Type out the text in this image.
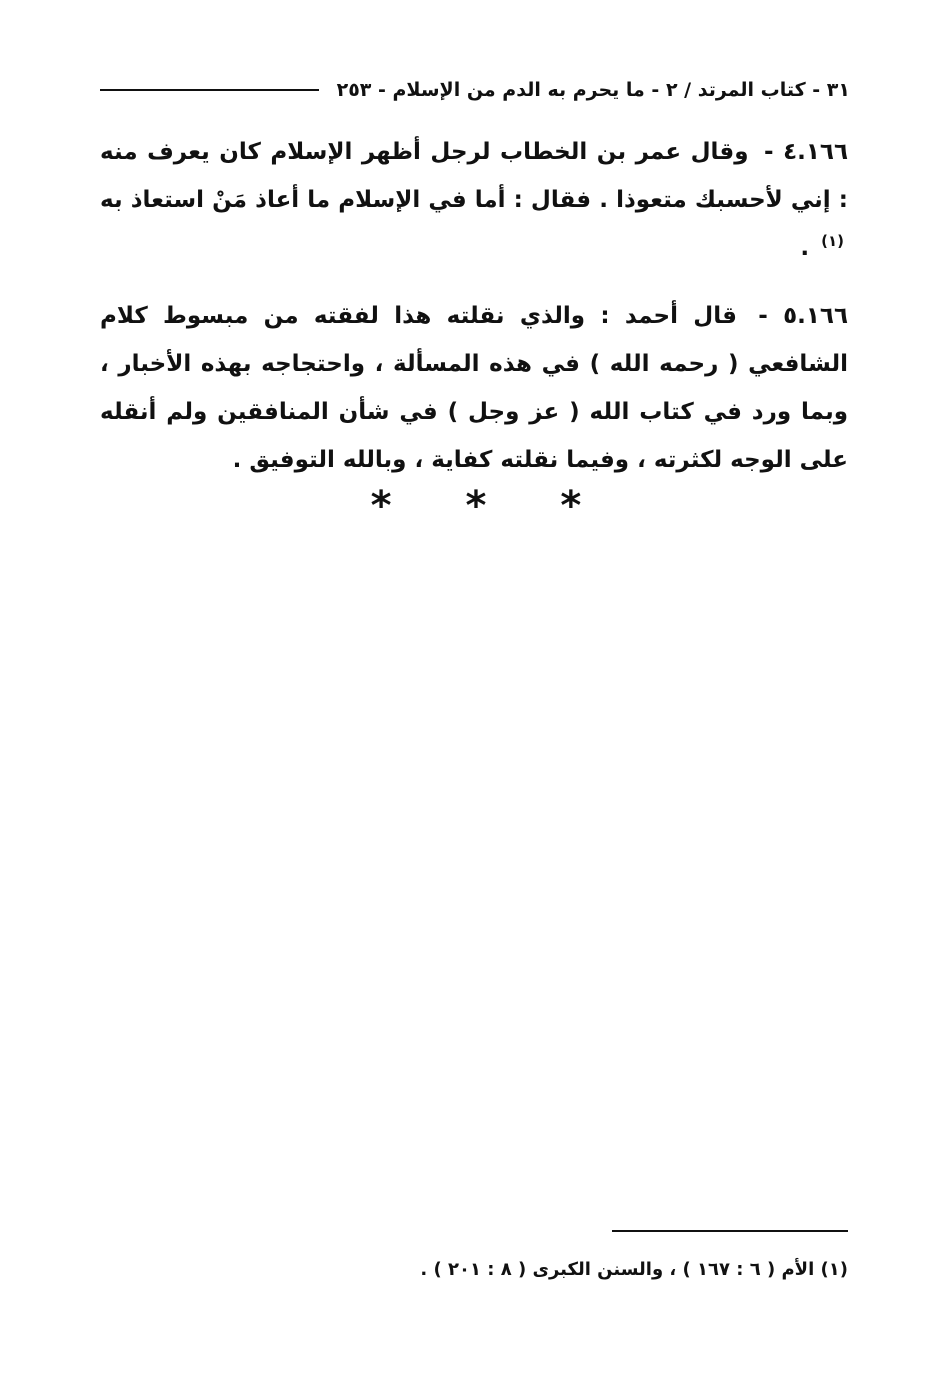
٣١ - كتاب المرتد / ٢ - ما يحرم به الدم من الإسلام - ٢٥٣

٤.١٦٦ - وقال عمر بن الخطاب لرجل أظهر الإسلام كان يعرف منه : إني لأحسبك متعوذا . فقال : أما في الإسلام ما أعاذ مَنْ استعاذ به $^{(١)}$ .

٥.١٦٦ - قال أحمد : والذي نقلته هذا لفقته من مبسوط كلام الشافعي ( رحمه الله ) في هذه المسألة ، واحتجاجه بهذه الأخبار ، وبما ورد في كتاب الله ( عز وجل ) في شأن المنافقين ولم أنقله على الوجه لكثرته ، وفيما نقلته كفاية ، وبالله التوفيق .

* * *
(١) الأم ( ٦ : ١٦٧ ) ، والسنن الكبرى ( ٨ : ٢٠١ ) .
